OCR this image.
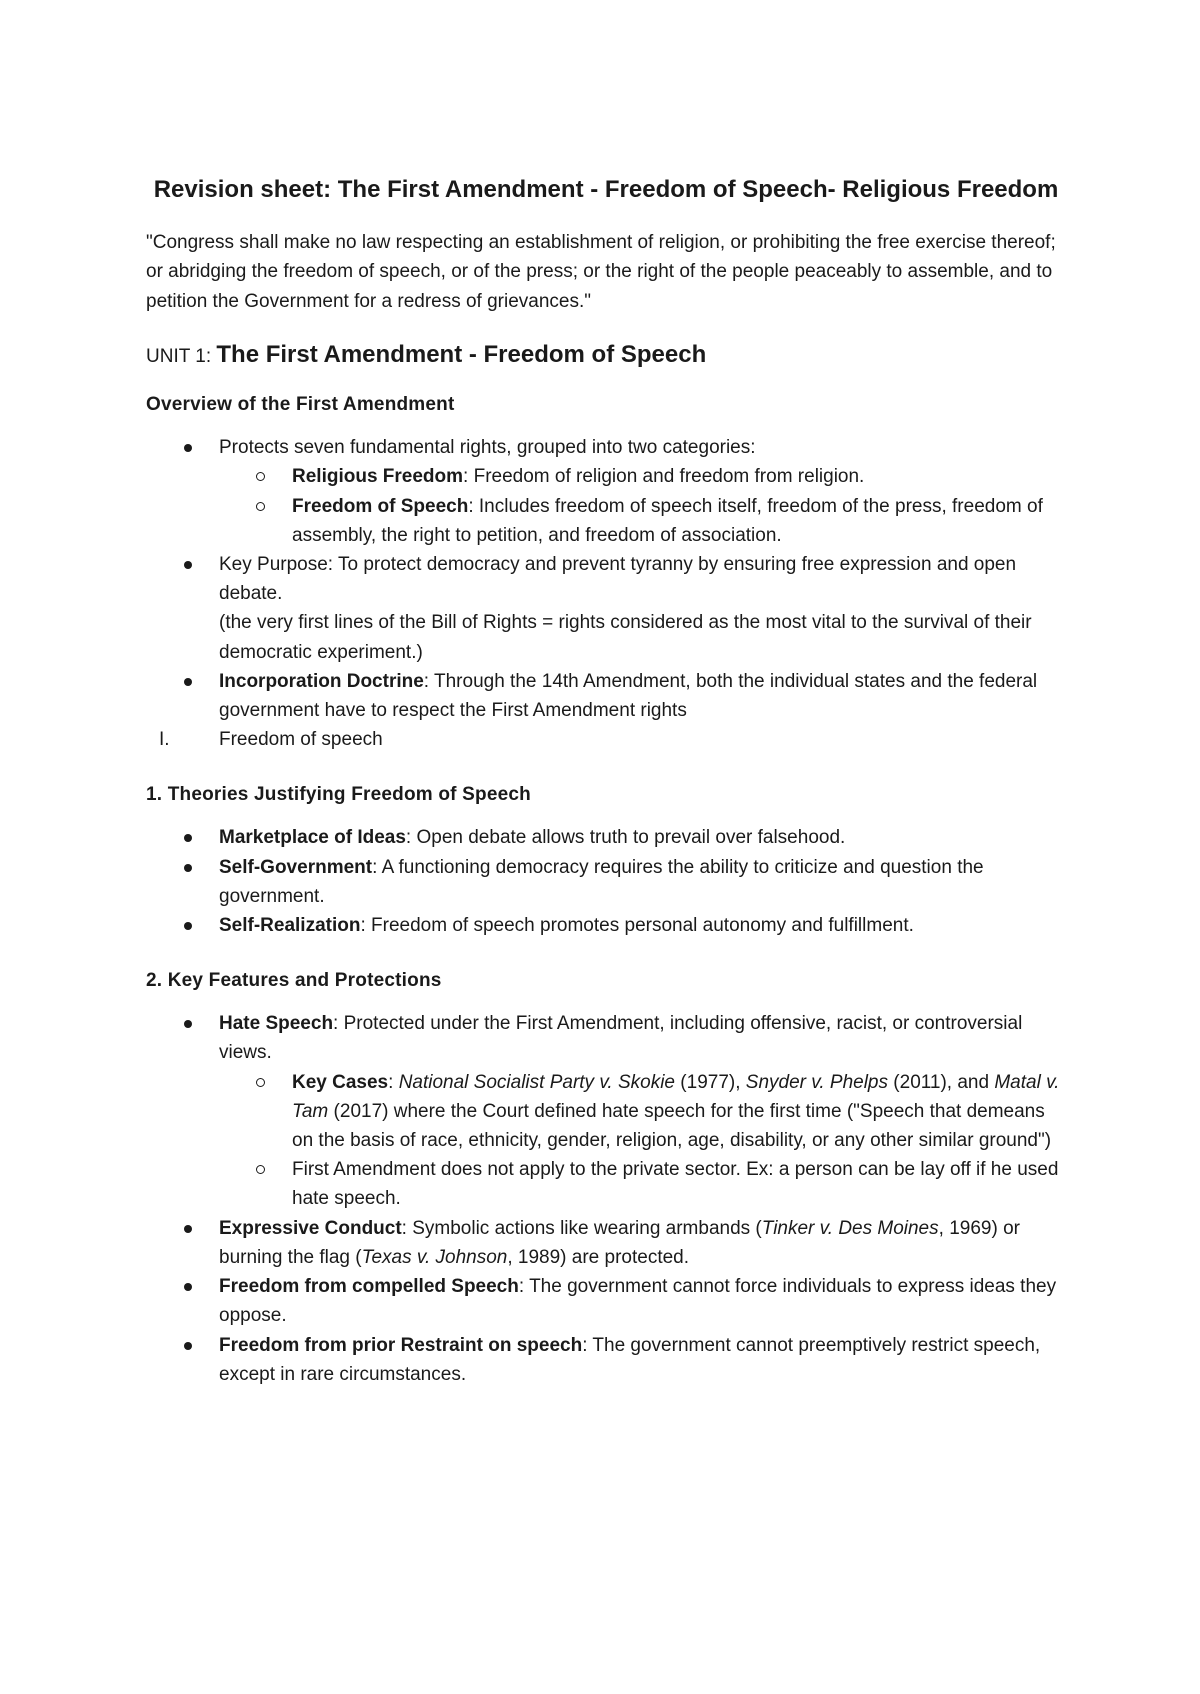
Revision sheet: The First Amendment - Freedom of Speech- Religious Freedom
"Congress shall make no law respecting an establishment of religion, or prohibiting the free exercise thereof; or abridging the freedom of speech, or of the press; or the right of the people peaceably to assemble, and to petition the Government for a redress of grievances."
UNIT 1: The First Amendment - Freedom of Speech
Overview of the First Amendment
Protects seven fundamental rights, grouped into two categories:
Religious Freedom: Freedom of religion and freedom from religion.
Freedom of Speech: Includes freedom of speech itself, freedom of the press, freedom of assembly, the right to petition, and freedom of association.
Key Purpose: To protect democracy and prevent tyranny by ensuring free expression and open debate.
(the very first lines of the Bill of Rights = rights considered as the most vital to the survival of their democratic experiment.)
Incorporation Doctrine: Through the 14th Amendment, both the individual states and the federal government have to respect the First Amendment rights
I.	Freedom of speech
1. Theories Justifying Freedom of Speech
Marketplace of Ideas: Open debate allows truth to prevail over falsehood.
Self-Government: A functioning democracy requires the ability to criticize and question the government.
Self-Realization: Freedom of speech promotes personal autonomy and fulfillment.
2. Key Features and Protections
Hate Speech: Protected under the First Amendment, including offensive, racist, or controversial views.
Key Cases: National Socialist Party v. Skokie (1977), Snyder v. Phelps (2011), and Matal v. Tam (2017) where the Court defined hate speech for the first time ("Speech that demeans on the basis of race, ethnicity, gender, religion, age, disability, or any other similar ground")
First Amendment does not apply to the private sector. Ex: a person can be lay off if he used hate speech.
Expressive Conduct: Symbolic actions like wearing armbands (Tinker v. Des Moines, 1969) or burning the flag (Texas v. Johnson, 1989) are protected.
Freedom from compelled Speech: The government cannot force individuals to express ideas they oppose.
Freedom from prior Restraint on speech: The government cannot preemptively restrict speech, except in rare circumstances.
